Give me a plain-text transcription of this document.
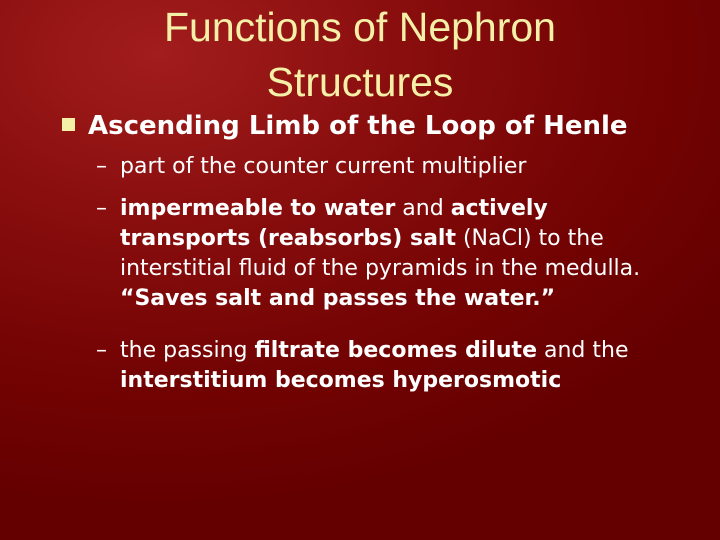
Functions of Nephron
Structures
Ascending Limb of the Loop of Henle
– part of the counter current multiplier
– impermeable to water and actively
transports (reabsorbs) salt (NaCl) to the
interstitial fluid of the pyramids in the medulla.
“Saves salt and passes the water.”
– the passing filtrate becomes dilute and the
interstitium becomes hyperosmotic
